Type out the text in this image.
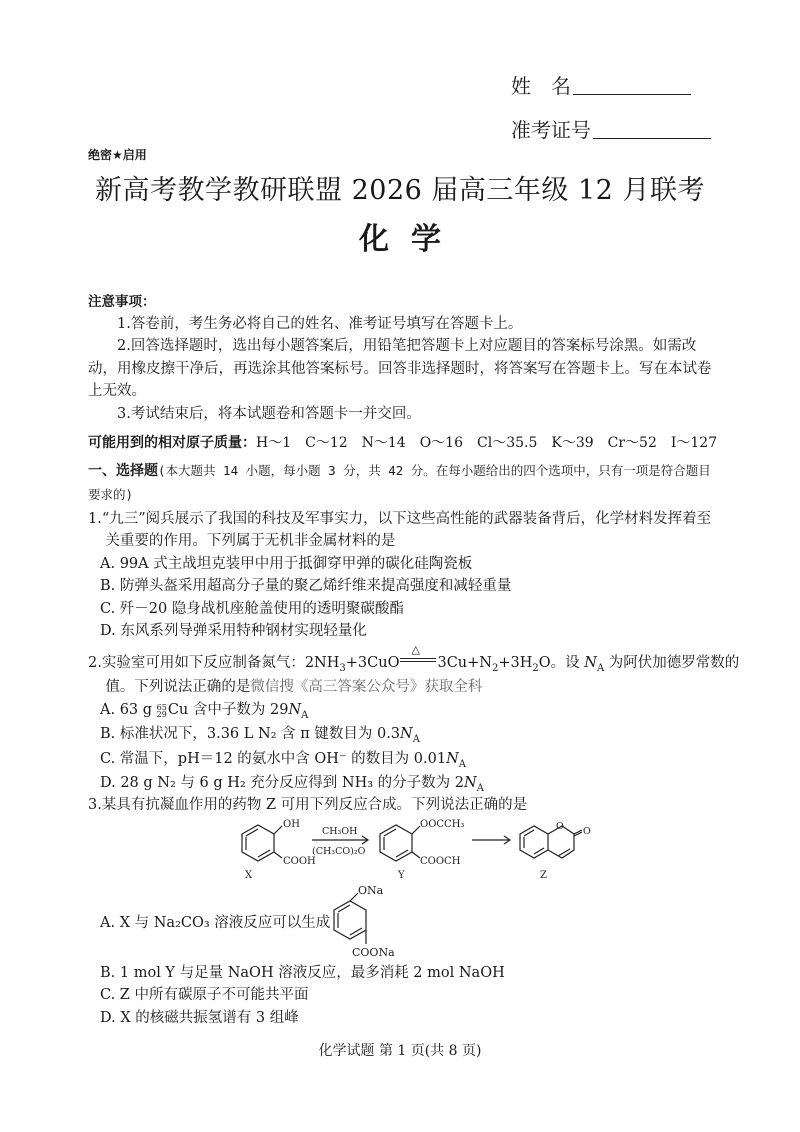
姓　名
准考证号
绝密★启用
新高考教学教研联盟 2026 届高三年级 12 月联考
化学
注意事项：
1.答卷前，考生务必将自己的姓名、准考证号填写在答题卡上。
2.回答选择题时，选出每小题答案后，用铅笔把答题卡上对应题目的答案标号涂黑。如需改动，用橡皮擦干净后，再选涂其他答案标号。回答非选择题时，将答案写在答题卡上。写在本试卷上无效。
3.考试结束后，将本试题卷和答题卡一并交回。
可能用到的相对原子质量：H～1　C～12　N～14　O～16　Cl～35.5　K～39　Cr～52　I～127
一、选择题(本大题共 14 小题，每小题 3 分，共 42 分。在每小题给出的四个选项中，只有一项是符合题目要求的)
1.“九三”阅兵展示了我国的科技及军事实力，以下这些高性能的武器装备背后，化学材料发挥着至关重要的作用。下列属于无机非金属材料的是
A. 99A 式主战坦克装甲中用于抵御穿甲弹的碳化硅陶瓷板
B. 防弹头盔采用超高分子量的聚乙烯纤维来提高强度和减轻重量
C. 歼－20 隐身战机座舱盖使用的透明聚碳酸酯
D. 东风系列导弹采用特种钢材实现轻量化
2.实验室可用如下反应制备氮气：$2NH_3+3CuO$
△
$3Cu+N_2+3H_2O$。设 $N_A$ 为阿伏加德罗常数的
值。下列说法正确的是微信搜《高三答案公众号》获取全科
A. 63 g 65
29 Cu 含中子数为 $29N_A$
B. 标准状况下，3.36 L N₂ 含 π 键数目为 $0.3N_A$
C. 常温下，pH＝12 的氨水中含 OH⁻ 的数目为 $0.01N_A$
D. 28 g N₂ 与 6 g H₂ 充分反应得到 NH₃ 的分子数为 $2N_A$
3.某具有抗凝血作用的药物 Z 可用下列反应合成。下列说法正确的是
OH
COOH
CH₃OH
(CH₃CO)₂O
OOCCH₃
COOCH
O O
X	Y	Z
A. X 与 Na₂CO₃ 溶液反应可以生成
ONa
COONa
B. 1 mol Y 与足量 NaOH 溶液反应，最多消耗 2 mol NaOH
C. Z 中所有碳原子不可能共平面
D. X 的核磁共振氢谱有 3 组峰
化学试题 第 1 页(共 8 页)
